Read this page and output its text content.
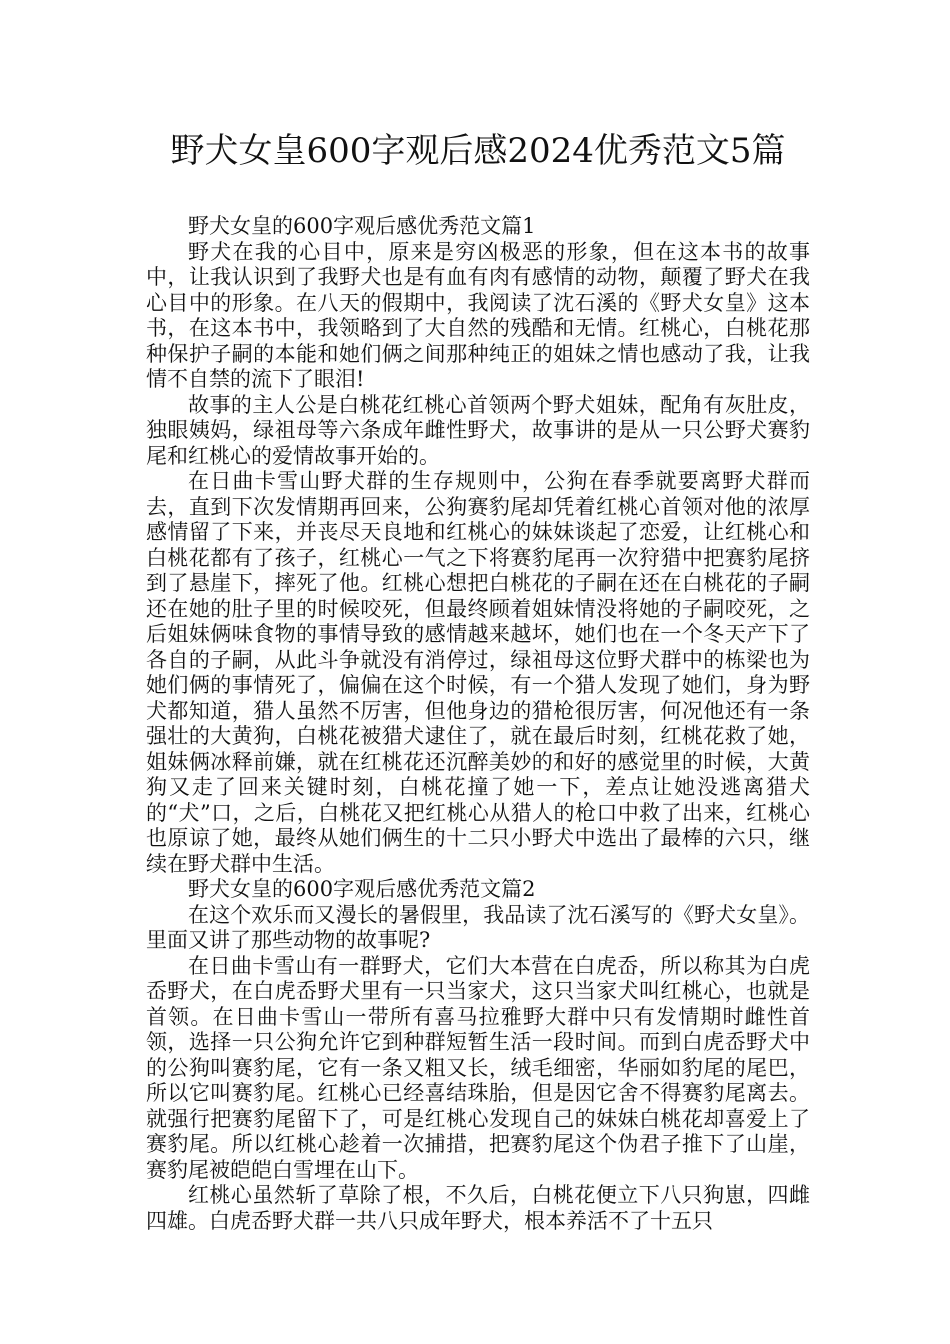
野犬女皇600字观后感2024优秀范文5篇

野犬女皇的600字观后感优秀范文篇1

野犬在我的心目中，原来是穷凶极恶的形象，但在这本书的故事中，让我认识到了我野犬也是有血有肉有感情的动物，颠覆了野犬在我心目中的形象。在八天的假期中，我阅读了沈石溪的《野犬女皇》这本书，在这本书中，我领略到了大自然的残酷和无情。红桃心，白桃花那种保护子嗣的本能和她们俩之间那种纯正的姐妹之情也感动了我，让我情不自禁的流下了眼泪!

故事的主人公是白桃花红桃心首领两个野犬姐妹，配角有灰肚皮，独眼姨妈，绿祖母等六条成年雌性野犬，故事讲的是从一只公野犬赛豹尾和红桃心的爱情故事开始的。

在日曲卡雪山野犬群的生存规则中，公狗在春季就要离野犬群而去，直到下次发情期再回来，公狗赛豹尾却凭着红桃心首领对他的浓厚感情留了下来，并丧尽天良地和红桃心的妹妹谈起了恋爱，让红桃心和白桃花都有了孩子，红桃心一气之下将赛豹尾再一次狩猎中把赛豹尾挤到了悬崖下，摔死了他。红桃心想把白桃花的子嗣在还在白桃花的子嗣还在她的肚子里的时候咬死，但最终顾着姐妹情没将她的子嗣咬死，之后姐妹俩味食物的事情导致的感情越来越坏，她们也在一个冬天产下了各自的子嗣，从此斗争就没有消停过，绿祖母这位野犬群中的栋梁也为她们俩的事情死了，偏偏在这个时候，有一个猎人发现了她们，身为野犬都知道，猎人虽然不厉害，但他身边的猎枪很厉害，何况他还有一条强壮的大黄狗，白桃花被猎犬逮住了，就在最后时刻，红桃花救了她，姐妹俩冰释前嫌，就在红桃花还沉醉美妙的和好的感觉里的时候，大黄狗又走了回来关键时刻，白桃花撞了她一下，差点让她没逃离猎犬的“犬”口，之后，白桃花又把红桃心从猎人的枪口中救了出来，红桃心也原谅了她，最终从她们俩生的十二只小野犬中选出了最棒的六只，继续在野犬群中生活。

野犬女皇的600字观后感优秀范文篇2

在这个欢乐而又漫长的暑假里，我品读了沈石溪写的《野犬女皇》。里面又讲了那些动物的故事呢?

在日曲卡雪山有一群野犬，它们大本营在白虎岙，所以称其为白虎岙野犬，在白虎岙野犬里有一只当家犬，这只当家犬叫红桃心，也就是首领。在日曲卡雪山一带所有喜马拉雅野大群中只有发情期时雌性首领，选择一只公狗允许它到种群短暂生活一段时间。而到白虎岙野犬中的公狗叫赛豹尾，它有一条又粗又长，绒毛细密，华丽如豹尾的尾巴，所以它叫赛豹尾。红桃心已经喜结珠胎，但是因它舍不得赛豹尾离去。就强行把赛豹尾留下了，可是红桃心发现自己的妹妹白桃花却喜爱上了赛豹尾。所以红桃心趁着一次捕措，把赛豹尾这个伪君子推下了山崖，赛豹尾被皑皑白雪埋在山下。

红桃心虽然斩了草除了根，不久后，白桃花便立下八只狗崽，四雌四雄。白虎岙野犬群一共八只成年野犬，根本养活不了十五只
